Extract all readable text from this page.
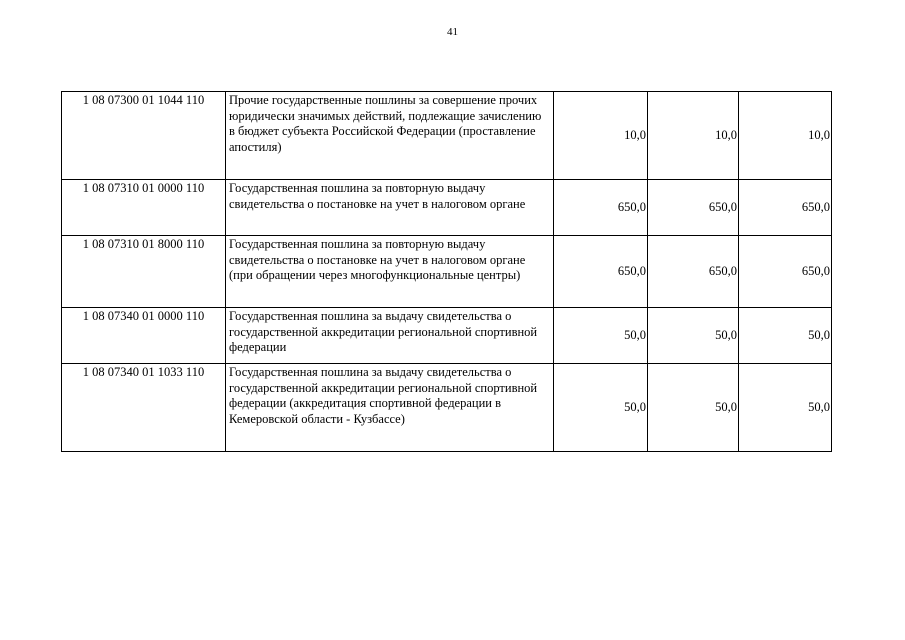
41
1 08 07300 01 1044 110	Прочие государственные пошлины за совершение прочих юридически значимых действий, подлежащие зачислению в бюджет субъекта Российской Федерации (проставление апостиля)	10,0	10,0	10,0
1 08 07310 01 0000 110	Государственная пошлина за повторную выдачу свидетельства о постановке на учет в налоговом органе	650,0	650,0	650,0
1 08 07310 01 8000 110	Государственная пошлина за повторную выдачу свидетельства о постановке на учет в налоговом органе (при обращении через многофункциональные центры)	650,0	650,0	650,0
1 08 07340 01 0000 110	Государственная пошлина за выдачу свидетельства о государственной аккредитации региональной спортивной федерации	50,0	50,0	50,0
1 08 07340 01 1033 110	Государственная пошлина за выдачу свидетельства о государственной аккредитации региональной спортивной федерации (аккредитация спортивной федерации в Кемеровской области - Кузбассе)	50,0	50,0	50,0
